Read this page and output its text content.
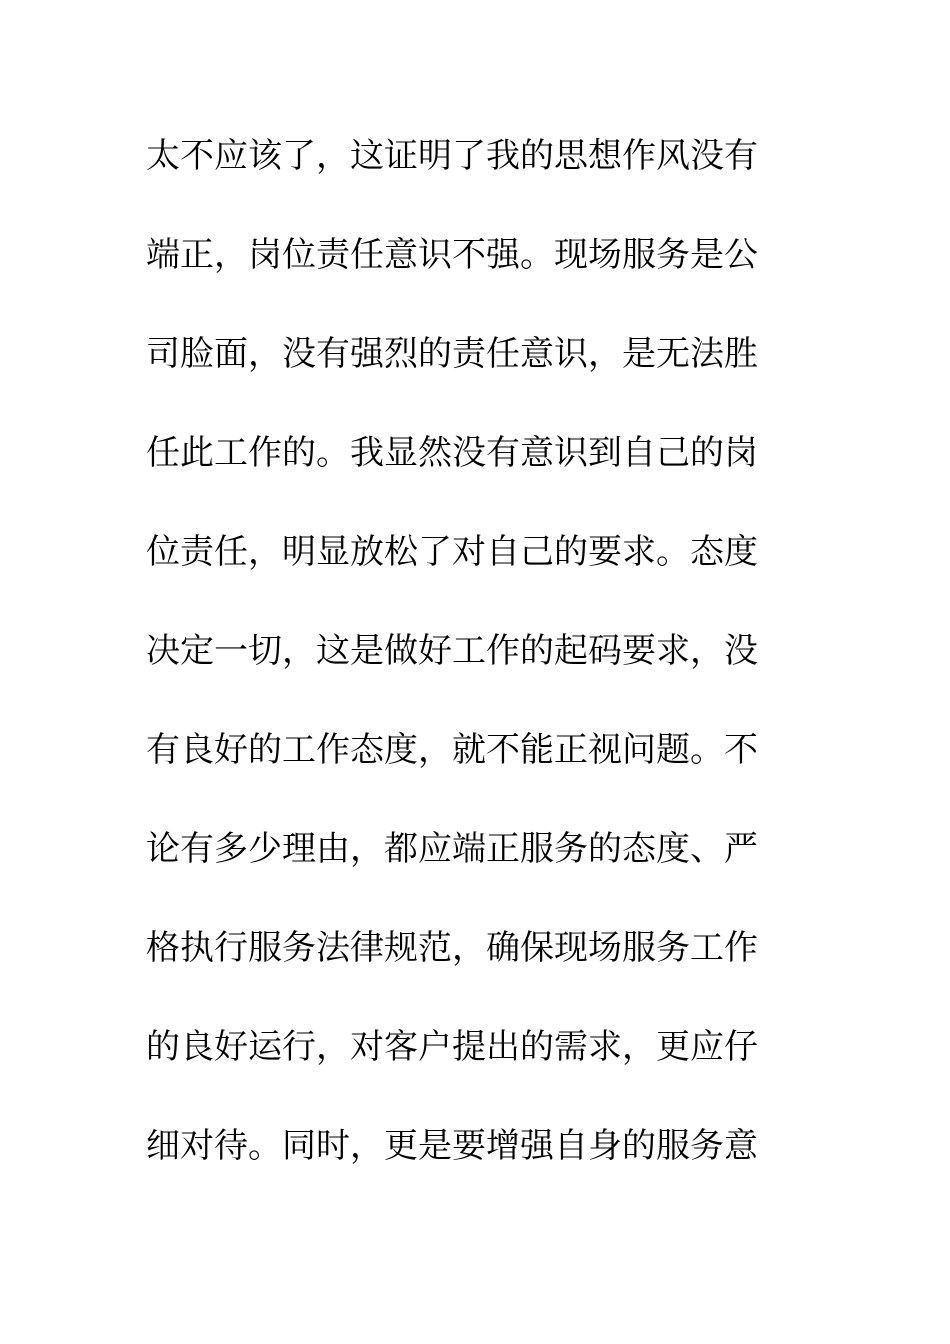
太不应该了，这证明了我的思想作风没有
端正，岗位责任意识不强。现场服务是公
司脸面，没有强烈的责任意识，是无法胜
任此工作的。我显然没有意识到自己的岗
位责任，明显放松了对自己的要求。态度
决定一切，这是做好工作的起码要求，没
有良好的工作态度，就不能正视问题。不
论有多少理由，都应端正服务的态度、严
格执行服务法律规范，确保现场服务工作
的良好运行，对客户提出的需求，更应仔
细对待。同时，更是要增强自身的服务意
